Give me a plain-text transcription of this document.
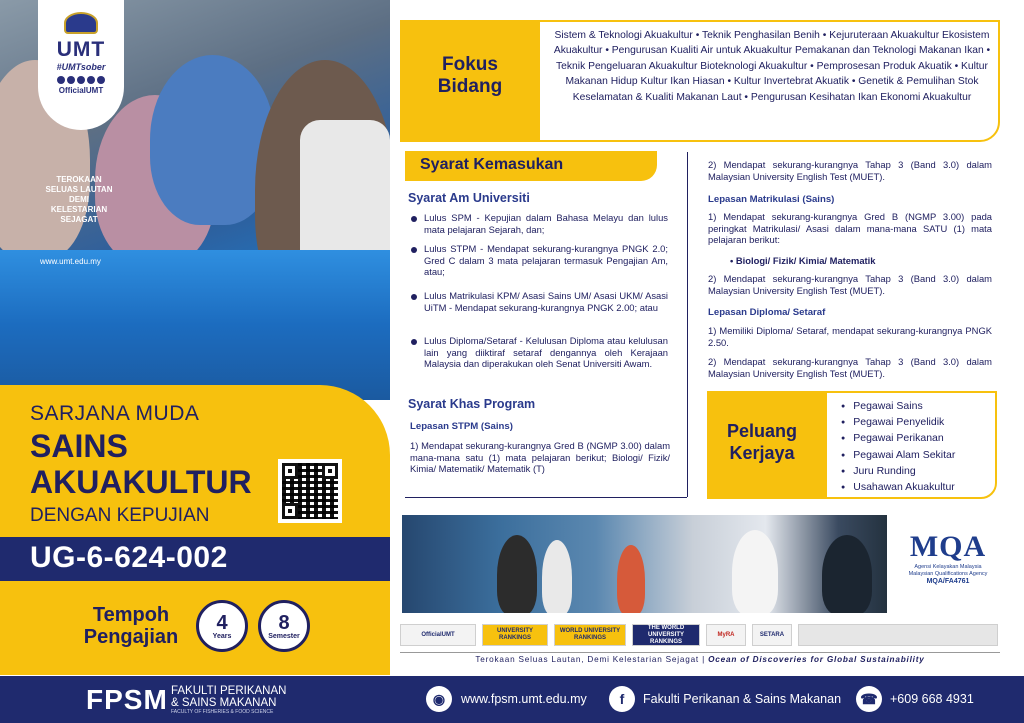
UMT
#UMTsober
OfficialUMT
TEROKAAN SELUAS LAUTAN DEMI KELESTARIAN SEJAGAT
www.umt.edu.my
SARJANA MUDA
SAINS AKUAKULTUR
DENGAN KEPUJIAN
UG-6-624-002
Tempoh Pengajian
4
Years
8
Semester
Fokus Bidang
Sistem & Teknologi Akuakultur • Teknik Penghasilan Benih • Kejuruteraan Akuakultur Ekosistem Akuakultur • Pengurusan Kualiti Air untuk Akuakultur Pemakanan dan Teknologi Makanan Ikan • Teknik Pengeluaran Akuakultur Bioteknologi Akuakultur • Pemprosesan Produk Akuatik • Kultur Makanan Hidup Kultur Ikan Hiasan • Kultur Invertebrat Akuatik • Genetik & Pemulihan Stok Keselamatan & Kualiti Makanan Laut • Pengurusan Kesihatan Ikan Ekonomi Akuakultur
Syarat Kemasukan
Syarat Am Universiti
Lulus SPM - Kepujian dalam Bahasa Melayu dan lulus mata pelajaran Sejarah, dan;
Lulus STPM - Mendapat sekurang-kurangnya PNGK 2.0; Gred C dalam 3 mata pelajaran termasuk Pengajian Am, atau;
Lulus Matrikulasi KPM/ Asasi Sains UM/ Asasi UKM/ Asasi UiTM - Mendapat sekurang-kurangnya PNGK 2.00; atau
Lulus Diploma/Setaraf - Kelulusan Diploma atau kelulusan lain yang diiktiraf setaraf dengannya oleh Kerajaan Malaysia dan diperakukan oleh Senat Universiti Awam.
Syarat Khas Program
Lepasan STPM (Sains)
1) Mendapat sekurang-kurangnya Gred B (NGMP 3.00) dalam mana-mana satu (1) mata pelajaran berikut; Biologi/ Fizik/ Kimia/ Matematik/ Matematik (T)
2) Mendapat sekurang-kurangnya Tahap 3 (Band 3.0) dalam Malaysian University English Test (MUET).
Lepasan Matrikulasi (Sains)
1) Mendapat sekurang-kurangnya Gred B (NGMP 3.00) pada peringkat Matrikulasi/ Asasi dalam mana-mana SATU (1) mata pelajaran berikut:
• Biologi/ Fizik/ Kimia/ Matematik
2) Mendapat sekurang-kurangnya Tahap 3 (Band 3.0) dalam Malaysian University English Test (MUET).
Lepasan Diploma/ Setaraf
1) Memiliki Diploma/ Setaraf, mendapat sekurang-kurangnya PNGK 2.50.
2) Mendapat sekurang-kurangnya Tahap 3 (Band 3.0) dalam Malaysian University English Test (MUET).
Peluang Kerjaya
● Pegawai Sains
● Pegawai Penyelidik
● Pegawai Perikanan
● Pegawai Alam Sekitar
● Juru Runding
● Usahawan Akuakultur
MQA
Agensi Kelayakan Malaysia
Malaysian Qualifications Agency
MQA/FA4761
OfficialUMT
UNIVERSITY RANKINGS
WORLD UNIVERSITY RANKINGS
THE WORLD UNIVERSITY RANKINGS
MyRA	SETARA
Terokaan Seluas Lautan, Demi Kelestarian Sejagat | Ocean of Discoveries for Global Sustainability
FPSM FAKULTI PERIKANAN
& SAINS MAKANAN
FACULTY OF FISHERIES & FOOD SCIENCE
◉	www.fpsm.umt.edu.my	f	Fakulti Perikanan & Sains Makanan	☎ +609 668 4931
